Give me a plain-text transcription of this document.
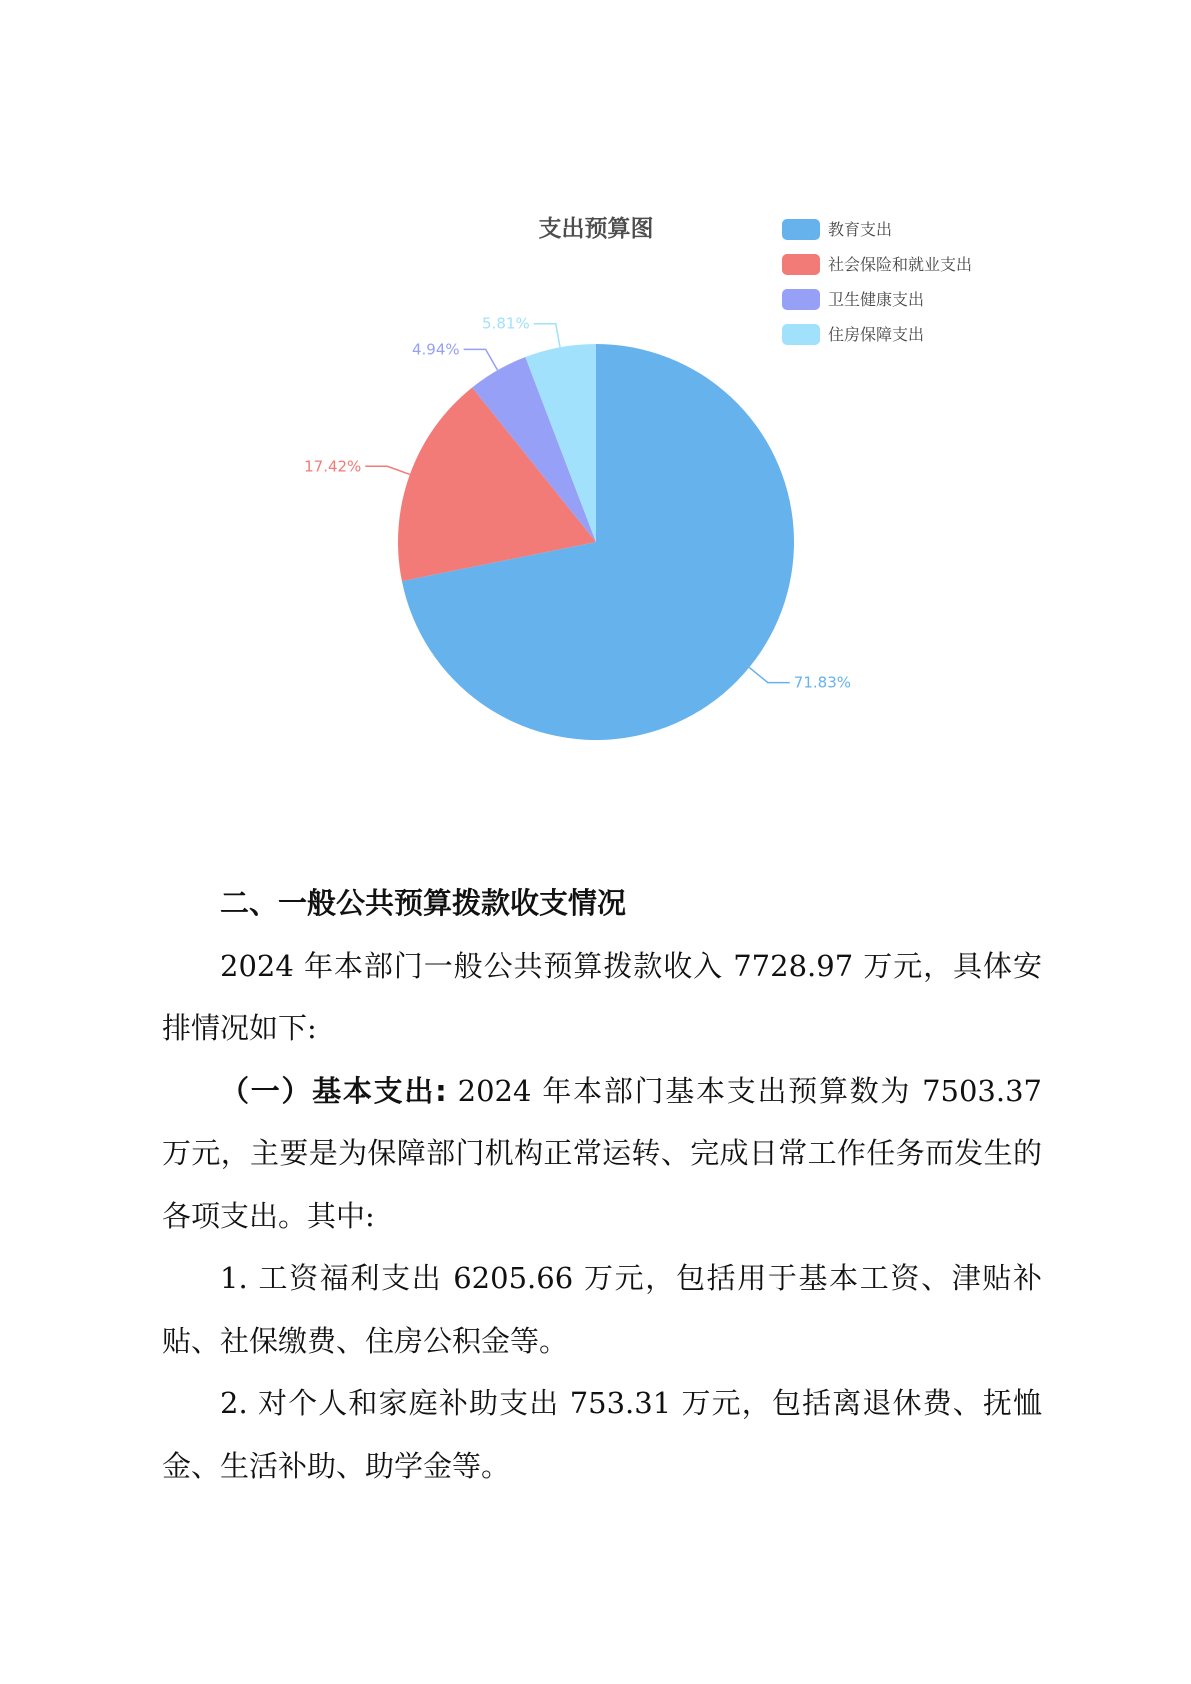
支出预算图
71.83%
17.42%
4.94%
5.81%
教育支出
社会保险和就业支出
卫生健康支出
住房保障支出

二、一般公共预算拨款收支情况

2024 年本部门一般公共预算拨款收入 7728.97 万元，具体安排情况如下:

（一）基本支出: 2024 年本部门基本支出预算数为 7503.37 万元，主要是为保障部门机构正常运转、完成日常工作任务而发生的各项支出。其中:

1. 工资福利支出 6205.66 万元，包括用于基本工资、津贴补贴、社保缴费、住房公积金等。

2. 对个人和家庭补助支出 753.31 万元，包括离退休费、抚恤金、生活补助、助学金等。
